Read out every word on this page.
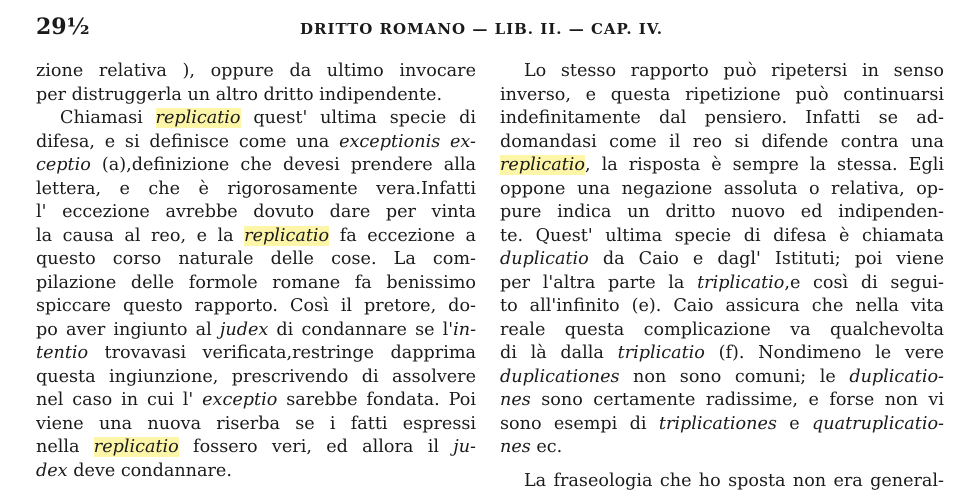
29½	DRITTO ROMANO — LIB. II. — CAP. IV.
zione relativa ), oppure da ultimo invocare
per distruggerla un altro dritto indipendente.
Chiamasi replicatio quest' ultima specie di
difesa, e si definisce come una exceptionis ex-
ceptio (a),definizione che devesi prendere alla
lettera, e che è rigorosamente vera.Infatti
l' eccezione avrebbe dovuto dare per vinta
la causa al reo, e la replicatio fa eccezione a
questo corso naturale delle cose. La com-
pilazione delle formole romane fa benissimo
spiccare questo rapporto. Così il pretore, do-
po aver ingiunto al judex di condannare se l'in-
tentio trovavasi verificata,restringe dapprima
questa ingiunzione, prescrivendo di assolvere
nel caso in cui l' exceptio sarebbe fondata. Poi
viene una nuova riserba se i fatti espressi
nella replicatio fossero veri, ed allora il ju-
dex deve condannare.
Lo stesso rapporto può ripetersi in senso
inverso, e questa ripetizione può continuarsi
indefinitamente dal pensiero. Infatti se ad-
domandasi come il reo si difende contra una
replicatio, la risposta è sempre la stessa. Egli
oppone una negazione assoluta o relativa, op-
pure indica un dritto nuovo ed indipenden-
te. Quest' ultima specie di difesa è chiamata
duplicatio da Caio e dagl' Istituti; poi viene
per l'altra parte la triplicatio,e così di segui-
to all'infinito (e). Caio assicura che nella vita
reale questa complicazione va qualchevolta
di là dalla triplicatio (f). Nondimeno le vere
duplicationes non sono comuni; le duplicatio-
nes sono certamente radissime, e forse non vi
sono esempi di triplicationes e quatruplicatio-
nes ec.
La fraseologia che ho sposta non era general-
